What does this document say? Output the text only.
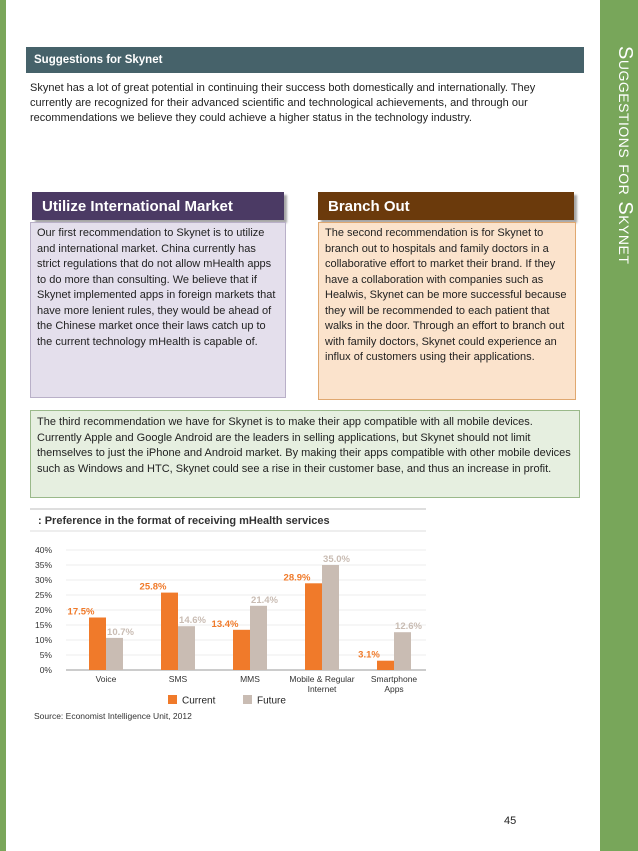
Suggestions for Skynet
Suggestions for Skynet
Skynet has a lot of great potential in continuing their success both domestically and internationally. They currently are recognized for their advanced scientific and technological achievements, and through our recommendations we believe they could achieve a higher status in the technology industry.
Utilize International Market
Our first recommendation to Skynet is to utilize and international market. China currently has strict regulations that do not allow mHealth apps to do more than consulting. We believe that if Skynet implemented apps in foreign markets that have more lenient rules, they would be ahead of the Chinese market once their laws catch up to the current technology mHealth is capable of.
Branch Out
The second recommendation is for Skynet to branch out to hospitals and family doctors in a collaborative effort to market their brand. If they have a collaboration with companies such as Healwis, Skynet can be more successful because they will be recommended to each patient that walks in the door. Through an effort to branch out with family doctors, Skynet could experience an influx of customers using their applications.
The third recommendation we have for Skynet is to make their app compatible with all mobile devices. Currently Apple and Google Android are the leaders in selling applications, but Skynet should not limit themselves to just the iPhone and Android market. By making their apps compatible with other mobile devices such as Windows and HTC, Skynet could see a rise in their customer base, and thus an increase in profit.
0%
5%
10%
15%
20%
25%
30%
35%
40%
17.5%
10.7%
Voice
25.8%
14.6%
SMS
13.4%
21.4%
MMS
28.9%
35.0%
Mobile & Regular
Internet
3.1%
12.6%
Smartphone
Apps
Current	Future
: Preference in the format of receiving mHealth services
Source: Economist Intelligence Unit, 2012
45
